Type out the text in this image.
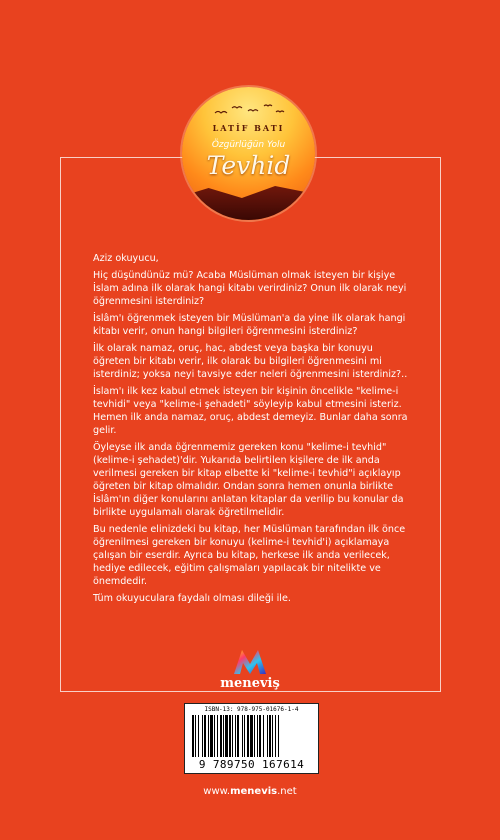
LATİF BATI
Özgürlüğün Yolu
Tevhid

Aziz okuyucu,

Hiç düşündünüz mü? Acaba Müslüman olmak isteyen bir kişiye İslam adına ilk olarak hangi kitabı verirdiniz? Onun ilk olarak neyi öğrenmesini isterdiniz?

İslâm'ı öğrenmek isteyen bir Müslüman'a da yine ilk olarak hangi kitabı verir, onun hangi bilgileri öğrenmesini isterdiniz?

İlk olarak namaz, oruç, hac, abdest veya başka bir konuyu öğreten bir kitabı verir, ilk olarak bu bilgileri öğrenmesini mi isterdiniz; yoksa neyi tavsiye eder neleri öğrenmesini isterdiniz?..

İslam'ı ilk kez kabul etmek isteyen bir kişinin öncelikle "kelime-i tevhidi" veya "kelime-i şehadeti" söyleyip kabul etmesini isteriz. Hemen ilk anda namaz, oruç, abdest demeyiz. Bunlar daha sonra gelir.

Öyleyse ilk anda öğrenmemiz gereken konu "kelime-i tevhid" (kelime-i şehadet)'dir. Yukarıda belirtilen kişilere de ilk anda verilmesi gereken bir kitap elbette ki "kelime-i tevhid"i açıklayıp öğreten bir kitap olmalıdır. Ondan sonra hemen onunla birlikte İslâm'ın diğer konularını anlatan kitaplar da verilip bu konular da birlikte uygulamalı olarak öğretilmelidir.

Bu nedenle elinizdeki bu kitap, her Müslüman tarafından ilk önce öğrenilmesi gereken bir konuyu (kelime-i tevhid'i) açıklamaya çalışan bir eserdir. Ayrıca bu kitap, herkese ilk anda verilecek, hediye edilecek, eğitim çalışmaları yapılacak bir nitelikte ve önemdedir.

Tüm okuyuculara faydalı olması dileği ile.

meneviş
ISBN-13: 978-975-01676-1-4
9 789750 167614
www.menevis.net
